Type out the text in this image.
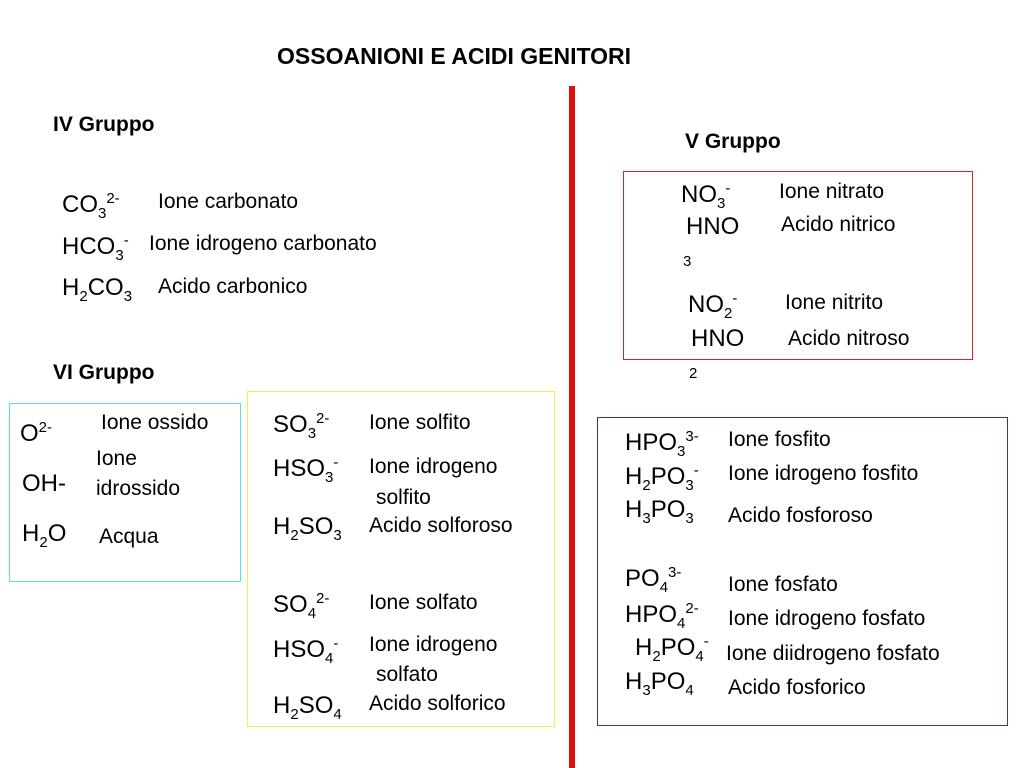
OSSOANIONI E ACIDI GENITORI
IV Gruppo
$CO_3^{2-}$ Ione carbonato
$HCO_3^-$ Ione idrogeno carbonato
$H_2CO_3$ Acido carbonico
V Gruppo
$NO_3^-$ Ione nitrato
HNO
3
Acido nitrico
$NO_2^-$ Ione nitrito
HNO
2
Acido nitroso
VI Gruppo
$O^{2-}$ Ione ossido
OH-
Ione
idrossido
$H_2O$ Acqua
$SO_3^{2-}$ Ione solfito
$HSO_3^-$ Ione idrogeno
solfito
$H_2SO_3$ Acido solforoso
$SO_4^{2-}$ Ione solfato
$HSO_4^-$ Ione idrogeno
solfato
$H_2SO_4$ Acido solforico
$HPO_3^{3-}$ Ione fosfito
$H_2PO_3^-$ Ione idrogeno fosfito
$H_3PO_3$ Acido fosforoso
$PO_4^{3-}$
Ione fosfato
$HPO_4^{2-}$ Ione idrogeno fosfato
$H_2PO_4^-$
Ione diidrogeno fosfato
$H_3PO_4$ Acido fosforico
